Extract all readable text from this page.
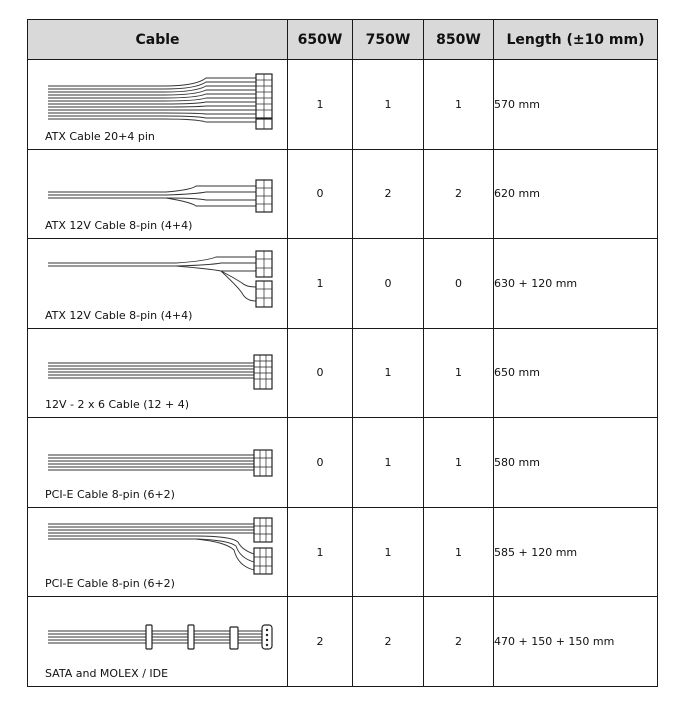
Cable	650W	750W	850W	Length (±10 mm)

ATX Cable 20+4 pin	1	1	1	570 mm

ATX 12V Cable 8-pin (4+4)	0	2	2	620 mm

ATX 12V Cable 8-pin (4+4)	1	0	0	630 + 120 mm

12V - 2 x 6 Cable (12 + 4)	0	1	1	650 mm

PCI-E Cable 8-pin (6+2)	0	1	1	580 mm

PCI-E Cable 8-pin (6+2)	1	1	1	585 + 120 mm

SATA and MOLEX / IDE	2	2	2	470 + 150 + 150 mm
